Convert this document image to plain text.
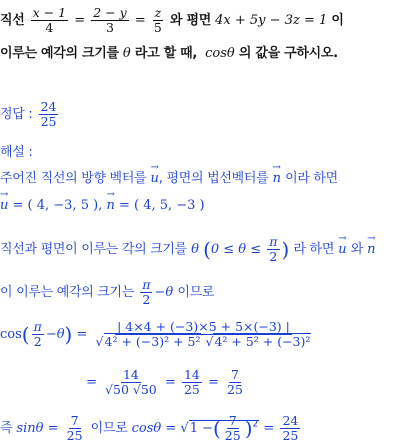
직선 $\frac{x - 1}{4} = \frac{2 - y}{3} = \frac{z}{5}$ 와 평면 4x + 5y − 3z = 1 이
이루는 예각의 크기를 θ 라고 할 때, cosθ 의 값을 구하시오.
정답 : $\frac{24}{25}$
해설 :
주어진 직선의 방향 벡터를 → u, 평면의 법선벡터를 → n 이라 하면
→ u = ( 4, −3, 5 ), → n = ( 4, 5, −3 )
직선과 평면이 이루는 각의 크기를 θ ($0 \le \theta \le \frac{\pi}{2}$ ) 라 하면 → u 와 → n
이 이루는 예각의 크기는 $\frac{\pi}{2} -\theta$ 이므로
$\cos( \frac{\pi}{2} -\theta) = \frac{| 4\times 4 + (-3)\times 5 + 5\times(-3) |}{\text{√4² + (−3)² + 5² √4² + 5² + (−3)²}}$
= $\frac{14}{√50 √50} = \frac{14}{25} = \frac{7}{25}$
즉 $\sin\theta = \frac{7}{25}$ 이므로 cosθ = √1 −( $\frac{7}{25} )^2 = \frac{24}{25}$
